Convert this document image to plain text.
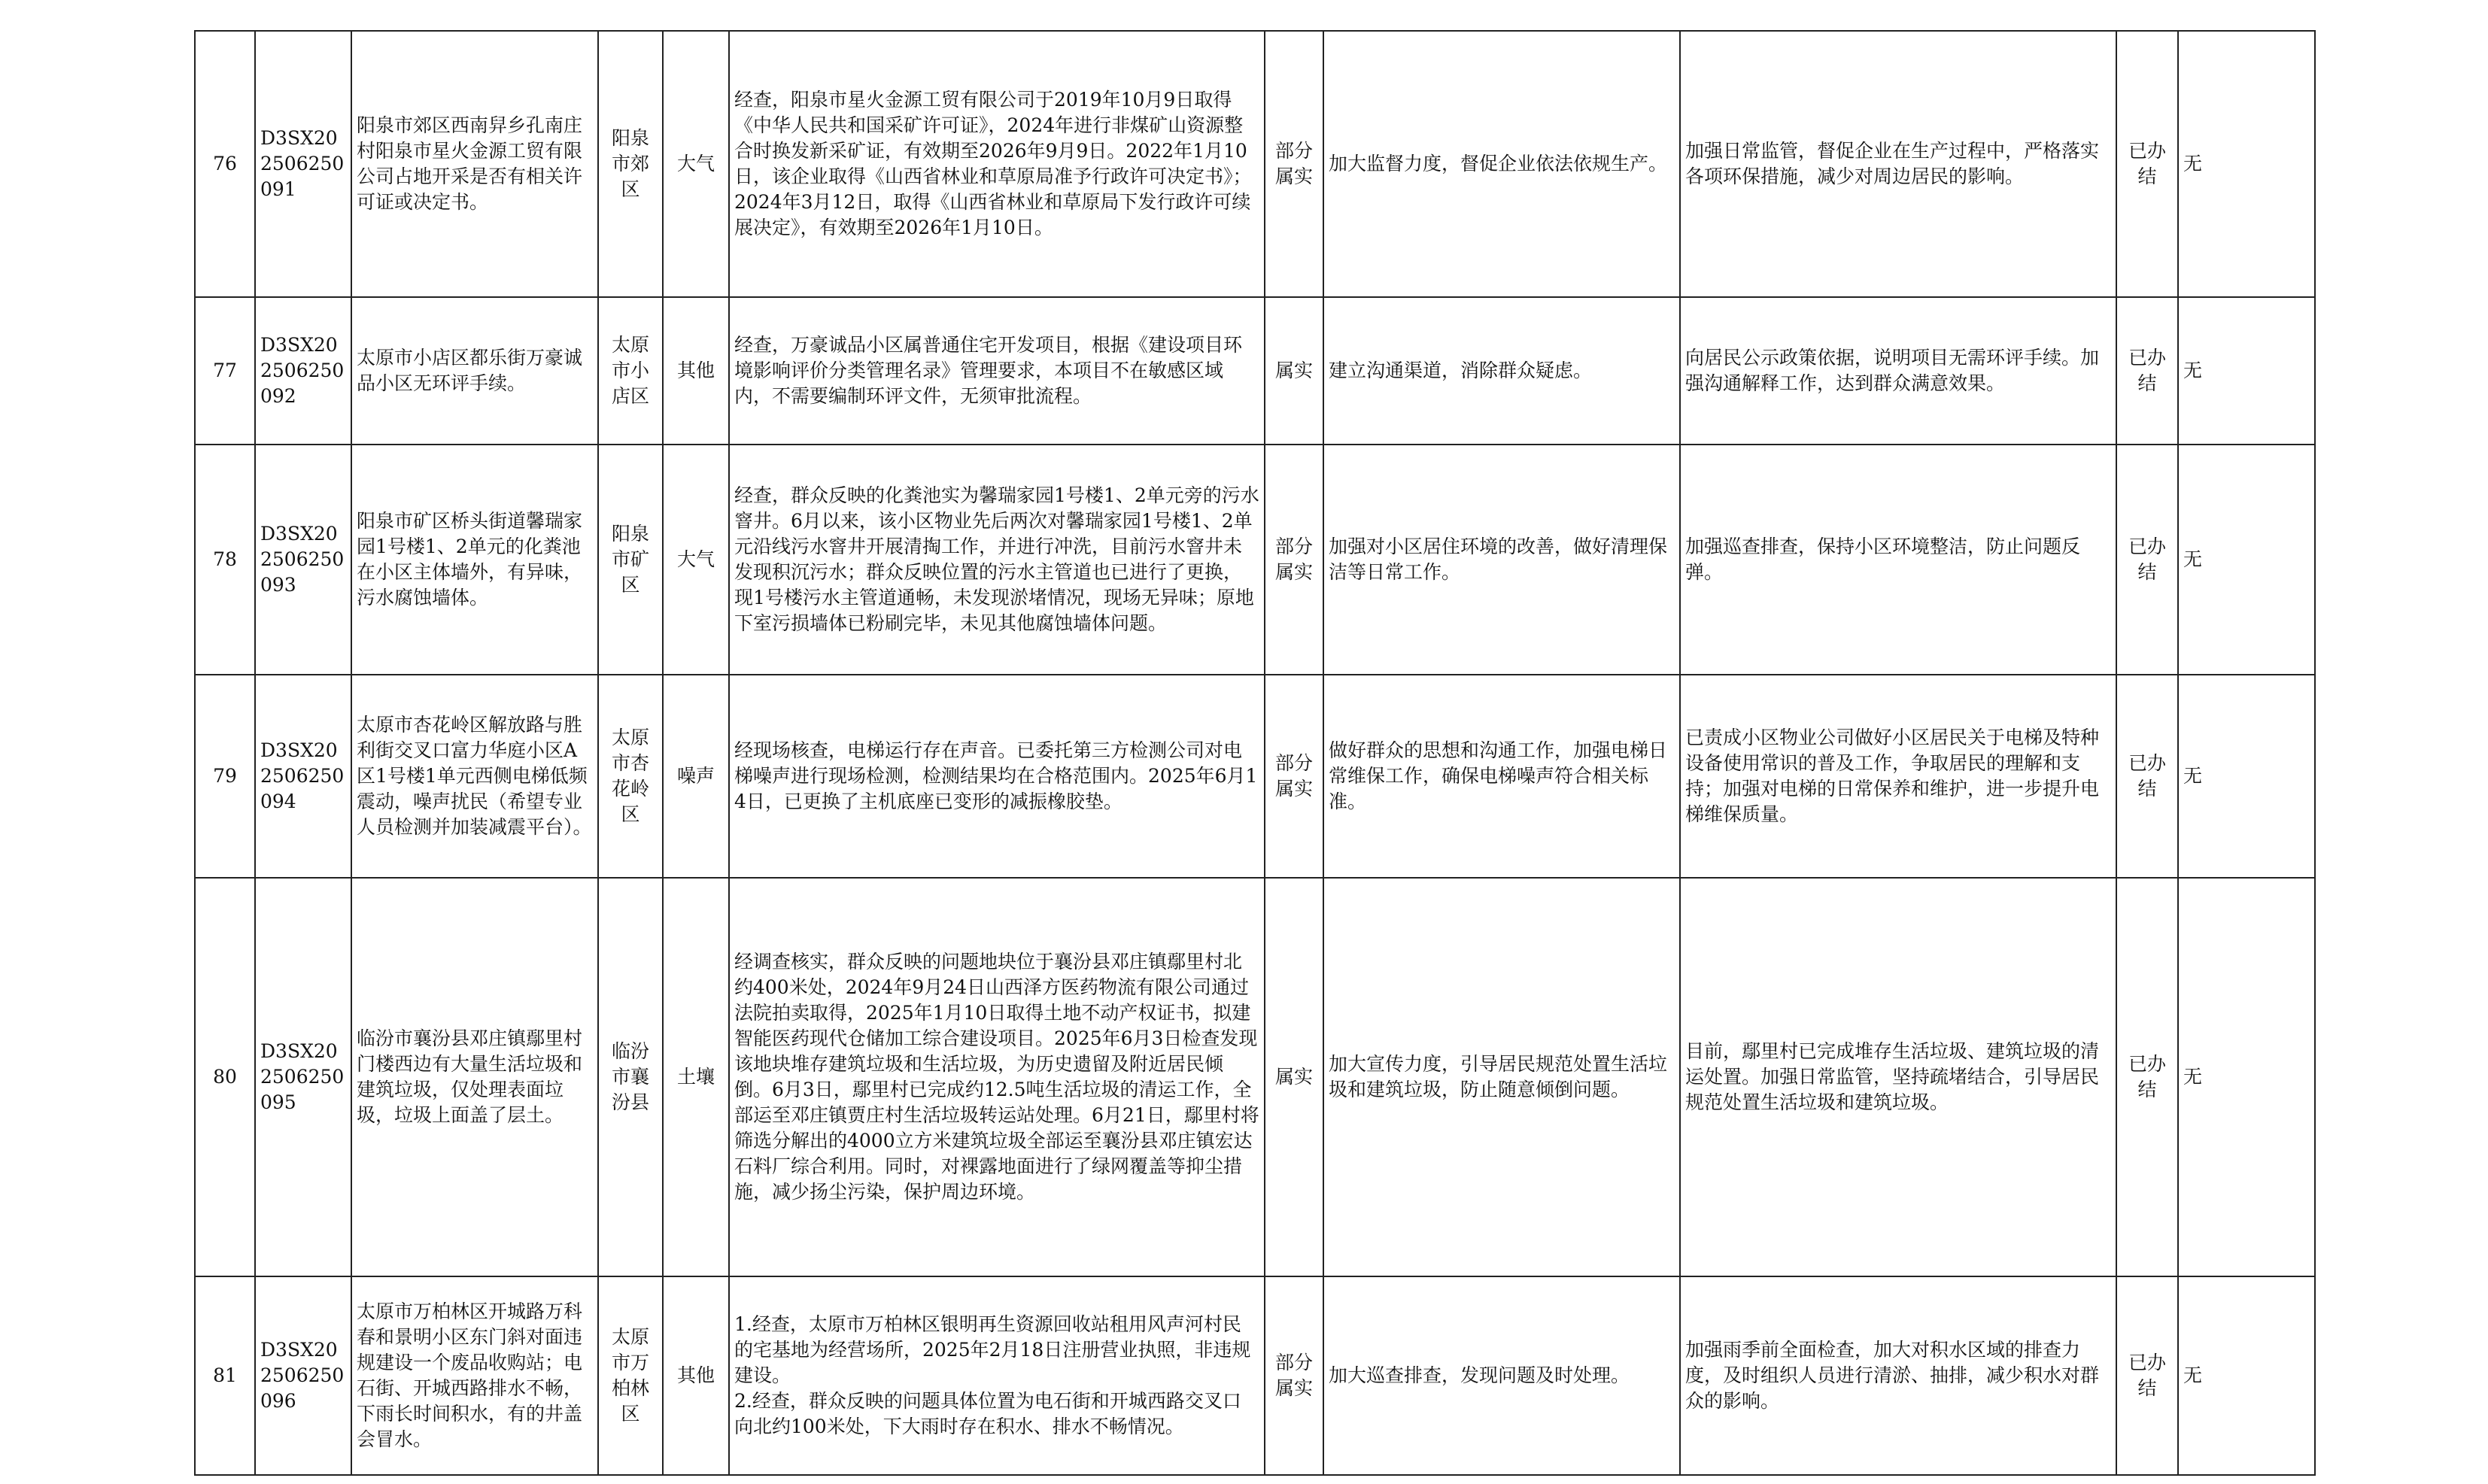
76	D3SX202506250091	阳泉市郊区西南舁乡孔南庄村阳泉市星火金源工贸有限公司占地开采是否有相关许可证或决定书。	阳泉市郊区	大气	经查，阳泉市星火金源工贸有限公司于2019年10月9日取得《中华人民共和国采矿许可证》，2024年进行非煤矿山资源整合时换发新采矿证，有效期至2026年9月9日。2022年1月10日，该企业取得《山西省林业和草原局准予行政许可决定书》；2024年3月12日，取得《山西省林业和草原局下发行政许可续展决定》，有效期至2026年1月10日。	部分属实	加大监督力度，督促企业依法依规生产。	加强日常监管，督促企业在生产过程中，严格落实各项环保措施，减少对周边居民的影响。	已办结	无
77	D3SX202506250092	太原市小店区都乐街万豪诚品小区无环评手续。	太原市小店区	其他	经查，万豪诚品小区属普通住宅开发项目，根据《建设项目环境影响评价分类管理名录》管理要求，本项目不在敏感区域内，不需要编制环评文件，无须审批流程。	属实	建立沟通渠道，消除群众疑虑。	向居民公示政策依据，说明项目无需环评手续。加强沟通解释工作，达到群众满意效果。	已办结	无
78	D3SX202506250093	阳泉市矿区桥头街道馨瑞家园1号楼1、2单元的化粪池在小区主体墙外，有异味，污水腐蚀墙体。	阳泉市矿区	大气	经查，群众反映的化粪池实为馨瑞家园1号楼1、2单元旁的污水窨井。6月以来，该小区物业先后两次对馨瑞家园1号楼1、2单元沿线污水窨井开展清掏工作，并进行冲洗，目前污水窨井未发现积沉污水；群众反映位置的污水主管道也已进行了更换，现1号楼污水主管道通畅，未发现淤堵情况，现场无异味；原地下室污损墙体已粉刷完毕，未见其他腐蚀墙体问题。	部分属实	加强对小区居住环境的改善，做好清理保洁等日常工作。	加强巡查排查，保持小区环境整洁，防止问题反弹。	已办结	无
79	D3SX202506250094	太原市杏花岭区解放路与胜利街交叉口富力华庭小区A区1号楼1单元西侧电梯低频震动，噪声扰民（希望专业人员检测并加装减震平台）。	太原市杏花岭区	噪声	经现场核查，电梯运行存在声音。已委托第三方检测公司对电梯噪声进行现场检测，检测结果均在合格范围内。2025年6月14日，已更换了主机底座已变形的减振橡胶垫。	部分属实	做好群众的思想和沟通工作，加强电梯日常维保工作，确保电梯噪声符合相关标准。	已责成小区物业公司做好小区居民关于电梯及特种设备使用常识的普及工作，争取居民的理解和支持；加强对电梯的日常保养和维护，进一步提升电梯维保质量。	已办结	无
80	D3SX202506250095	临汾市襄汾县邓庄镇鄢里村门楼西边有大量生活垃圾和建筑垃圾，仅处理表面垃圾，垃圾上面盖了层土。	临汾市襄汾县	土壤	经调查核实，群众反映的问题地块位于襄汾县邓庄镇鄢里村北约400米处，2024年9月24日山西泽方医药物流有限公司通过法院拍卖取得，2025年1月10日取得土地不动产权证书，拟建智能医药现代仓储加工综合建设项目。2025年6月3日检查发现该地块堆存建筑垃圾和生活垃圾，为历史遗留及附近居民倾倒。6月3日，鄢里村已完成约12.5吨生活垃圾的清运工作，全部运至邓庄镇贾庄村生活垃圾转运站处理。6月21日，鄢里村将筛选分解出的4000立方米建筑垃圾全部运至襄汾县邓庄镇宏达石料厂综合利用。同时，对裸露地面进行了绿网覆盖等抑尘措施，减少扬尘污染，保护周边环境。	属实	加大宣传力度，引导居民规范处置生活垃圾和建筑垃圾，防止随意倾倒问题。	目前，鄢里村已完成堆存生活垃圾、建筑垃圾的清运处置。加强日常监管，坚持疏堵结合，引导居民规范处置生活垃圾和建筑垃圾。	已办结	无
81	D3SX202506250096	太原市万柏林区开城路万科春和景明小区东门斜对面违规建设一个废品收购站；电石街、开城西路排水不畅，下雨长时间积水，有的井盖会冒水。	太原市万柏林区	其他	1.经查，太原市万柏林区银明再生资源回收站租用风声河村民的宅基地为经营场所，2025年2月18日注册营业执照，非违规建设。
2.经查，群众反映的问题具体位置为电石街和开城西路交叉口向北约100米处，下大雨时存在积水、排水不畅情况。	部分属实	加大巡查排查，发现问题及时处理。	加强雨季前全面检查，加大对积水区域的排查力度，及时组织人员进行清淤、抽排，减少积水对群众的影响。	已办结	无
